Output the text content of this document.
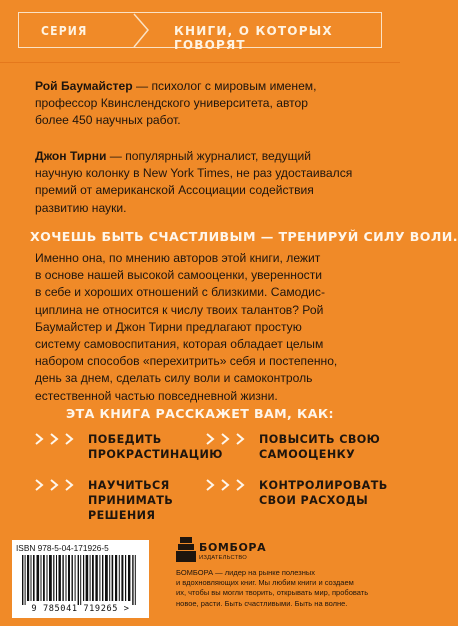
СЕРИЯ	КНИГИ, О КОТОРЫХ ГОВОРЯТ
Рой Баумайстер — психолог с мировым именем,
профессор Квинслендского университета, автор
более 450 научных работ.
Джон Тирни — популярный журналист, ведущий
научную колонку в New York Times, не раз удостаивался
премий от американской Ассоциации содействия
развитию науки.
ХОЧЕШЬ БЫТЬ СЧАСТЛИВЫМ — ТРЕНИРУЙ СИЛУ ВОЛИ.
Именно она, по мнению авторов этой книги, лежит
в основе нашей высокой самооценки, уверенности
в себе и хороших отношений с близкими. Самодис-
циплина не относится к числу твоих талантов? Рой
Баумайстер и Джон Тирни предлагают простую
систему самовоспитания, которая обладает целым
набором способов «перехитрить» себя и постепенно,
день за днем, сделать силу воли и самоконтроль
естественной частью повседневной жизни.
ЭТА КНИГА РАССКАЖЕТ ВАМ, КАК:
ПОБЕДИТЬ
ПРОКРАСТИНАЦИЮ
ПОВЫСИТЬ СВОЮ
САМООЦЕНКУ
НАУЧИТЬСЯ ПРИНИМАТЬ
РЕШЕНИЯ
КОНТРОЛИРОВАТЬ
СВОИ РАСХОДЫ
ISBN 978-5-04-171926-5
9 785041 719265 >
БОМБОРА
ИЗДАТЕЛЬСТВО
БОМБОРА — лидер на рынке полезных
и вдохновляющих книг. Мы любим книги и создаем
их, чтобы вы могли творить, открывать мир, пробовать
новое, расти. Быть счастливыми. Быть на волне.
